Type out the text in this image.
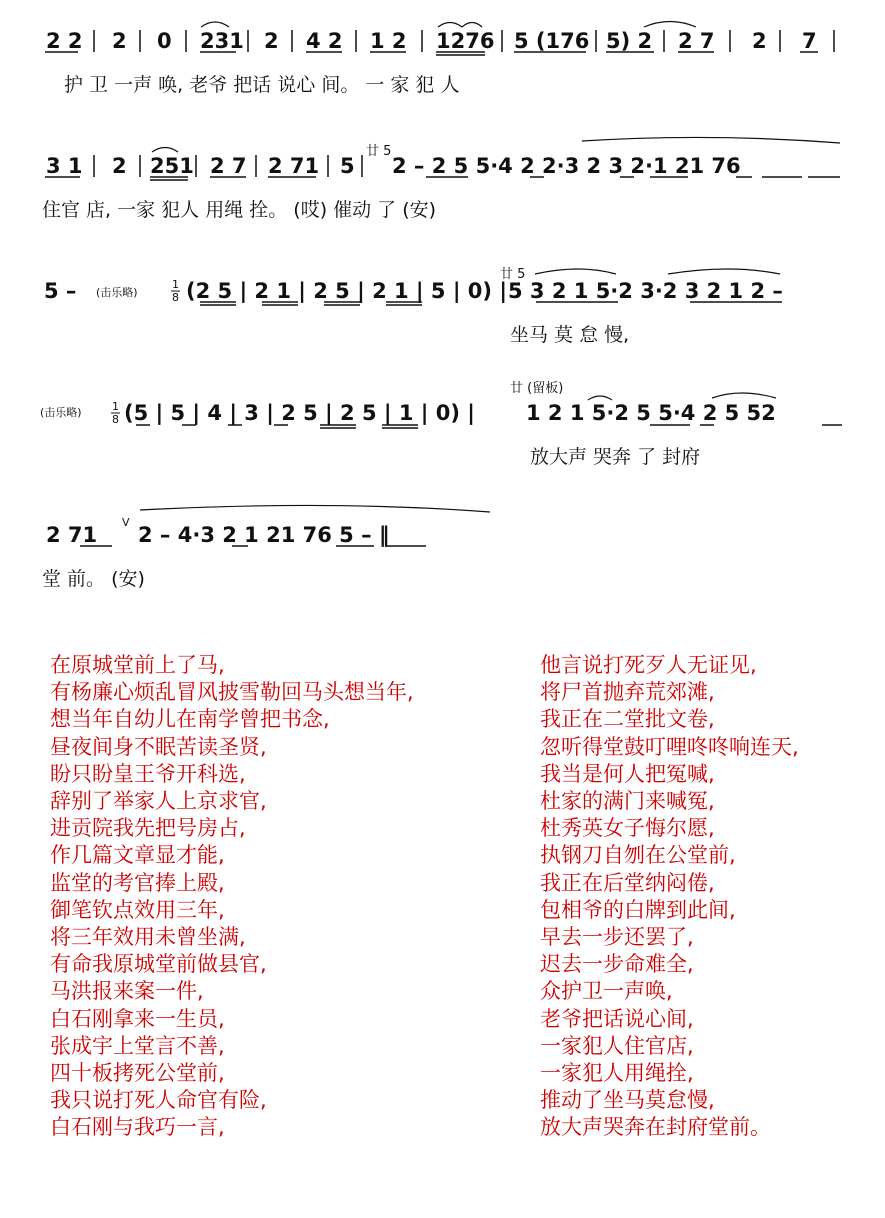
2 2 2 0 231 2 4 2 1 2 1276 5 (176 5) 2 2 7 2 7
护 卫 一声 唤, 老爷 把话 说心 间。 一 家 犯 人
3 1 2 251 2 7 2 71 5
廿 5
2 – 2 5 5·4 2 2·3 2 3 2·1 21 76
住官 店, 一家 犯人 用绳 拴。 (哎) 催动 了 (安)
5 – (击乐略)
1
8 (2 5 | 2 1 | 2 5 | 2 1 | 5 | 0) |
廿 5
5 3 2 1 5·2 3·2 3 2 1 2 –
坐马 莫 怠 慢,
(击乐略)	1
8 (5 | 5 | 4 | 3 | 2 5 | 2 5 | 1 | 0) |
廿 (留板)
1 2 1 5·2 5 5·4 2 5 52
放大声 哭奔 了 封府
2 71
V
2 – 4·3 2 1 21 76 5 – ‖
堂 前。 (安)
在原城堂前上了马,
有杨廉心烦乱冒风披雪勒回马头想当年,
想当年自幼儿在南学曾把书念,
昼夜间身不眠苦读圣贤,
盼只盼皇王爷开科选,
辞别了举家人上京求官,
进贡院我先把号房占,
作几篇文章显才能,
监堂的考官捧上殿,
御笔钦点效用三年,
将三年效用未曾坐满,
有命我原城堂前做县官,
马洪报来案一件,
白石刚拿来一生员,
张成宇上堂言不善,
四十板拷死公堂前,
我只说打死人命官有险,
白石刚与我巧一言,
他言说打死歹人无证见,
将尸首抛弃荒郊滩,
我正在二堂批文卷,
忽听得堂鼓叮哩咚咚响连天,
我当是何人把冤喊,
杜家的满门来喊冤,
杜秀英女子悔尔愿,
执钢刀自刎在公堂前,
我正在后堂纳闷倦,
包相爷的白牌到此间,
早去一步还罢了,
迟去一步命难全,
众护卫一声唤,
老爷把话说心间,
一家犯人住官店,
一家犯人用绳拴,
推动了坐马莫怠慢,
放大声哭奔在封府堂前。
